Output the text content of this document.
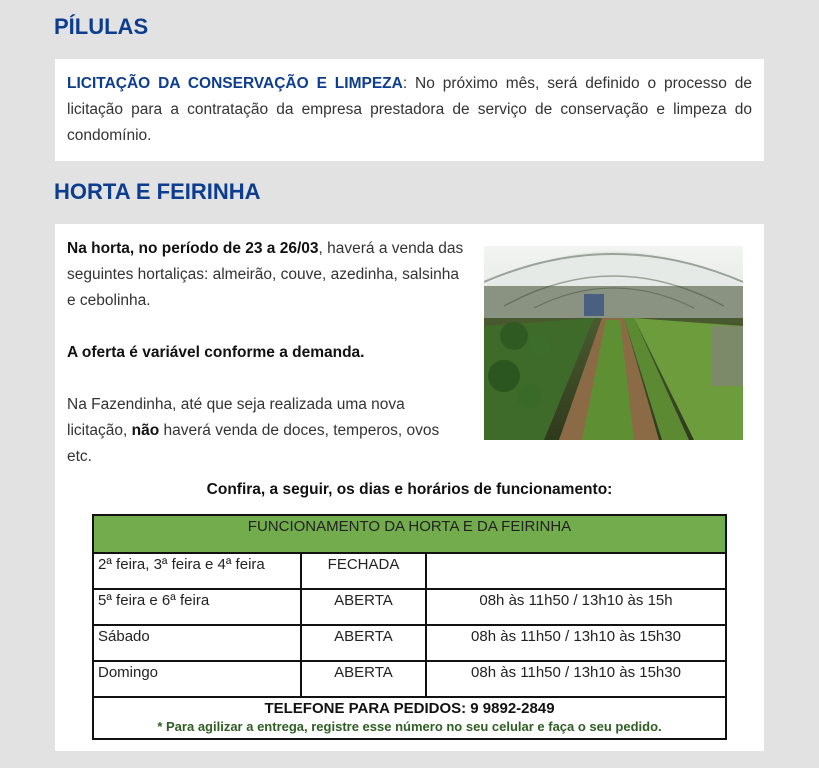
PÍLULAS

LICITAÇÃO DA CONSERVAÇÃO E LIMPEZA: No próximo mês, será definido o processo de licitação para a contratação da empresa prestadora de serviço de conservação e limpeza do condomínio.

HORTA E FEIRINHA

Na horta, no período de 23 a 26/03, haverá a venda das seguintes hortaliças: almeirão, couve, azedinha, salsinha e cebolinha.

A oferta é variável conforme a demanda.

Na Fazendinha, até que seja realizada uma nova licitação, não haverá venda de doces, temperos, ovos etc.

Confira, a seguir, os dias e horários de funcionamento:
FUNCIONAMENTO DA HORTA E DA FEIRINHA		
2ª feira, 3ª feira e 4ª feira	FECHADA	
5ª feira e 6ª feira	ABERTA	08h às 11h50 / 13h10 às 15h
Sábado	ABERTA	08h às 11h50 / 13h10 às 15h30
Domingo	ABERTA	08h às 11h50 / 13h10 às 15h30

TELEFONE PARA PEDIDOS: 9 9892-2849
* Para agilizar a entrega, registre esse número no seu celular e faça o seu pedido.		
